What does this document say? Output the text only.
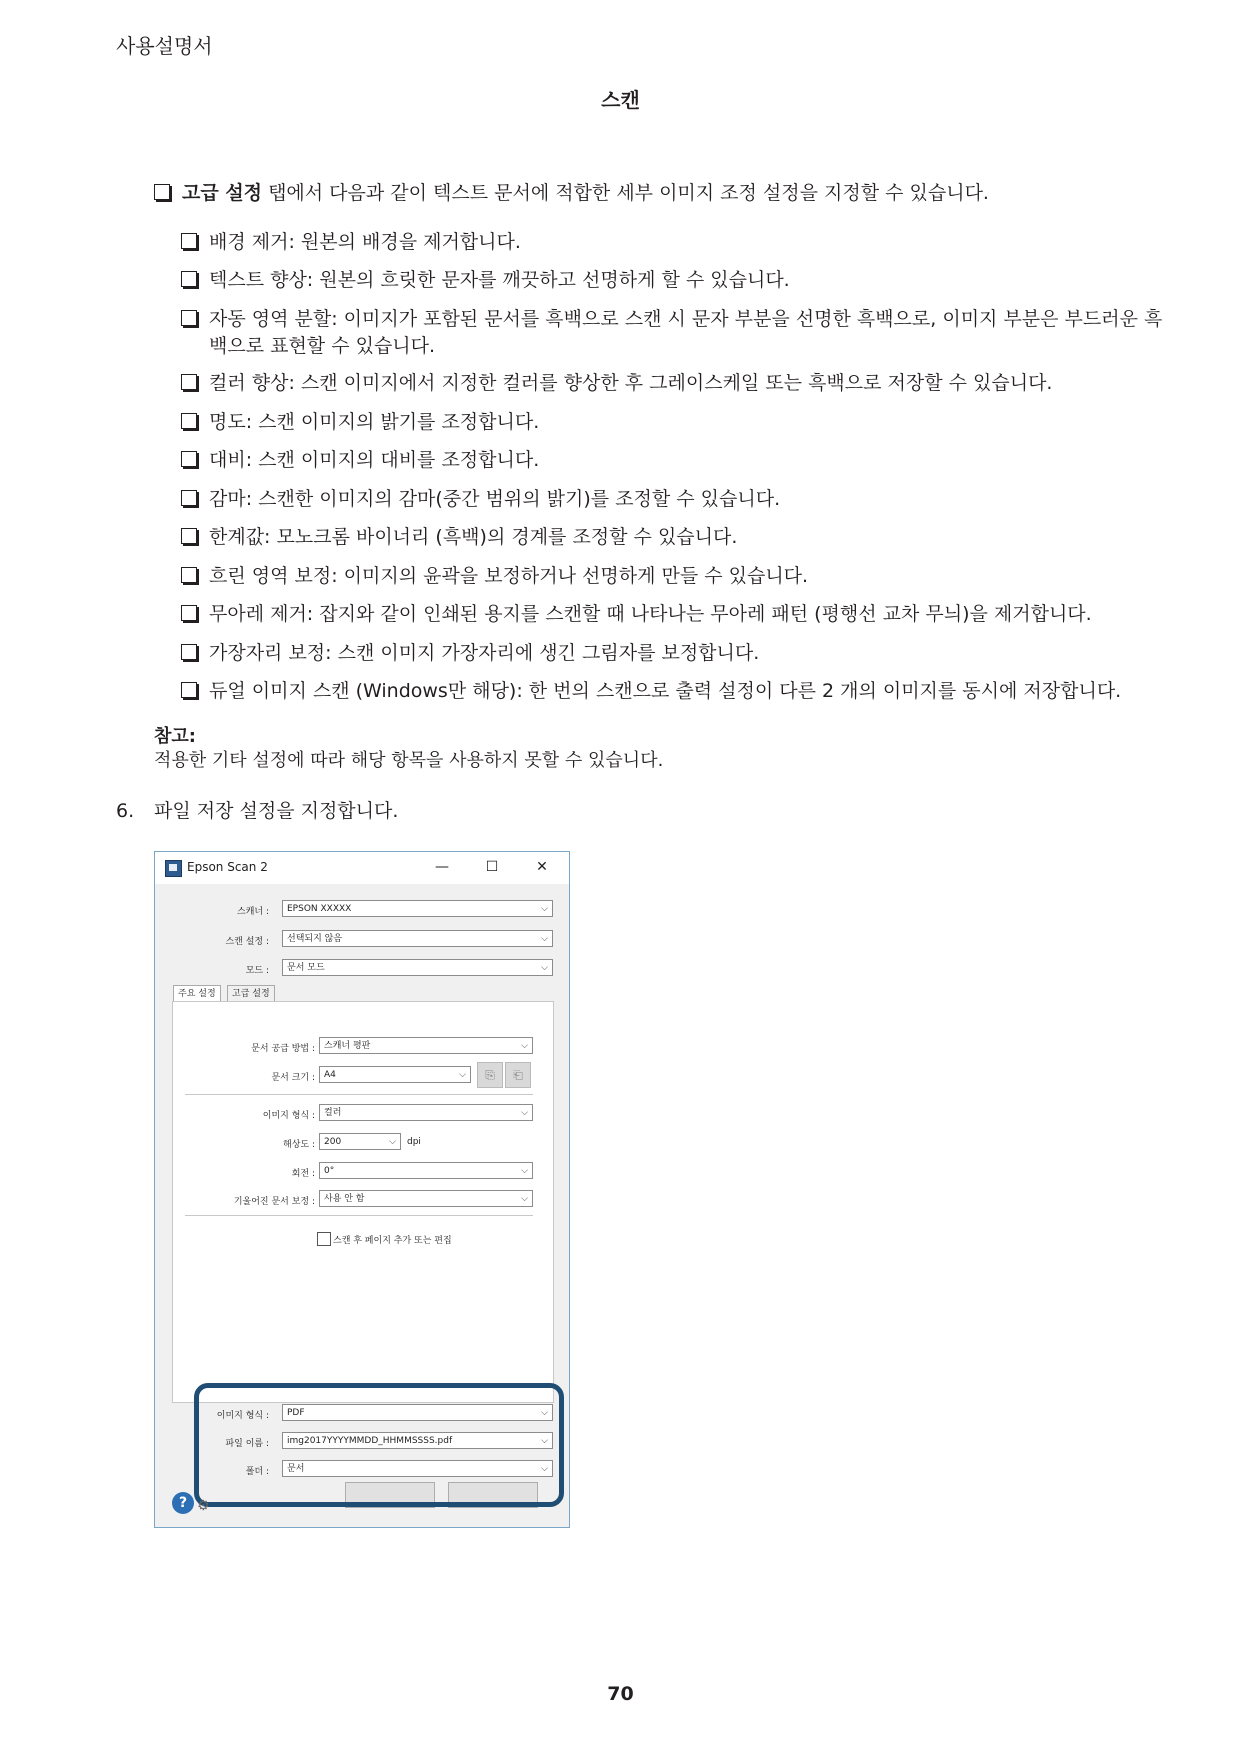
사용설명서
스캔
고급 설정 탭에서 다음과 같이 텍스트 문서에 적합한 세부 이미지 조정 설정을 지정할 수 있습니다.
배경 제거: 원본의 배경을 제거합니다.
텍스트 향상: 원본의 흐릿한 문자를 깨끗하고 선명하게 할 수 있습니다.
자동 영역 분할: 이미지가 포함된 문서를 흑백으로 스캔 시 문자 부분을 선명한 흑백으로, 이미지 부분은 부드러운 흑
백으로 표현할 수 있습니다.
컬러 향상: 스캔 이미지에서 지정한 컬러를 향상한 후 그레이스케일 또는 흑백으로 저장할 수 있습니다.
명도: 스캔 이미지의 밝기를 조정합니다.
대비: 스캔 이미지의 대비를 조정합니다.
감마: 스캔한 이미지의 감마(중간 범위의 밝기)를 조정할 수 있습니다.
한계값: 모노크롬 바이너리 (흑백)의 경계를 조정할 수 있습니다.
흐린 영역 보정: 이미지의 윤곽을 보정하거나 선명하게 만들 수 있습니다.
무아레 제거: 잡지와 같이 인쇄된 용지를 스캔할 때 나타나는 무아레 패턴 (평행선 교차 무늬)을 제거합니다.
가장자리 보정: 스캔 이미지 가장자리에 생긴 그림자를 보정합니다.
듀얼 이미지 스캔 (Windows만 해당): 한 번의 스캔으로 출력 설정이 다른 2 개의 이미지를 동시에 저장합니다.
참고:
적용한 기타 설정에 따라 해당 항목을 사용하지 못할 수 있습니다.
6. 파일 저장 설정을 지정합니다.
Epson Scan 2	—	☐	✕
스캐너 :	EPSON XXXXX	⌵
스캔 설정 :	선택되지 않음	⌵
모드 :	문서 모드	⌵
주요 설정	고급 설정
문서 공급 방법 :	스캐너 평판	⌵
문서 크기 :	A4	⌵	⎘	⎗
이미지 형식 :	컬러	⌵
해상도 :	200	⌵ dpi
회전 :	0°	⌵
기울어진 문서 보정 :	사용 안 함	⌵
스캔 후 페이지 추가 또는 편집
이미지 형식 :	PDF	⌵
파일 이름 :	img2017YYYYMMDD_HHMMSSSS.pdf	⌵
폴더 :	문서	⌵
? ⚙
70
